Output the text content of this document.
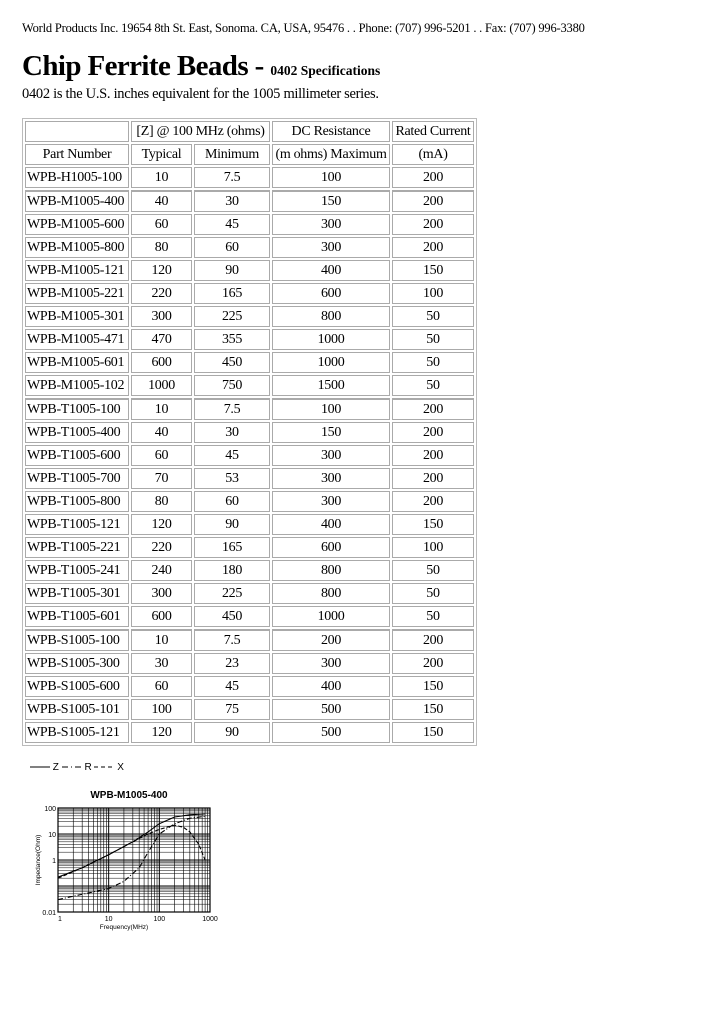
World Products Inc. 19654 8th St. East, Sonoma. CA, USA, 95476 . . Phone: (707) 996-5201 . . Fax: (707) 996-3380
Chip Ferrite Beads - 0402 Specifications
0402 is the U.S. inches equivalent for the 1005 millimeter series.
	[Z] @ 100 MHz (ohms)		DC Resistance	Rated Current
Part Number	Typical	Minimum	(m ohms) Maximum	(mA)
WPB-H1005-100	10	7.5	100	200
WPB-M1005-400	40	30	150	200
WPB-M1005-600	60	45	300	200
WPB-M1005-800	80	60	300	200
WPB-M1005-121	120	90	400	150
WPB-M1005-221	220	165	600	100
WPB-M1005-301	300	225	800	50
WPB-M1005-471	470	355	1000	50
WPB-M1005-601	600	450	1000	50
WPB-M1005-102	1000	750	1500	50
WPB-T1005-100	10	7.5	100	200
WPB-T1005-400	40	30	150	200
WPB-T1005-600	60	45	300	200
WPB-T1005-700	70	53	300	200
WPB-T1005-800	80	60	300	200
WPB-T1005-121	120	90	400	150
WPB-T1005-221	220	165	600	100
WPB-T1005-241	240	180	800	50
WPB-T1005-301	300	225	800	50
WPB-T1005-601	600	450	1000	50
WPB-S1005-100	10	7.5	200	200
WPB-S1005-300	30	23	300	200
WPB-S1005-600	60	45	400	150
WPB-S1005-101	100	75	500	150
WPB-S1005-121	120	90	500	150
Z	R	X
WPB-M1005-400
1	10	100	1000
0.01
1
10
100
Frequency(MHz)
Impedance(Ohm)
